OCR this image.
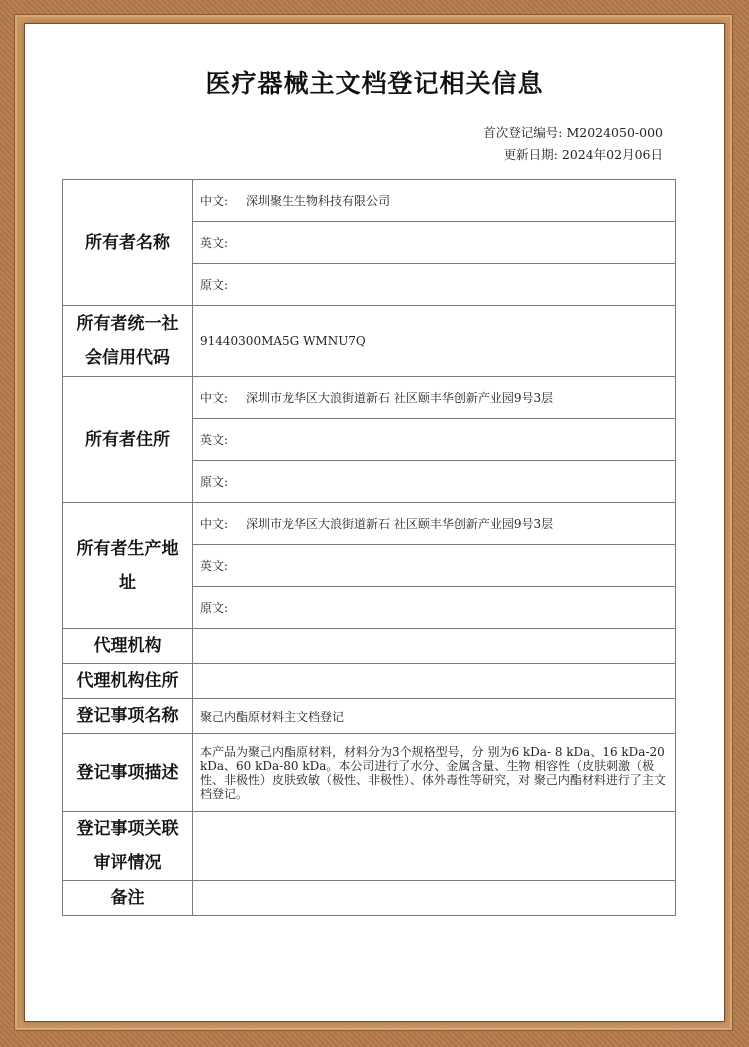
医疗器械主文档登记相关信息
首次登记编号: M2024050-000
更新日期: 2024年02月06日
所有者名称	中文: 深圳聚生生物科技有限公司
	英文:
	原文:

所有者统一社
会信用代码	91440300MA5G WMNU7Q
所有者住所	中文: 深圳市龙华区大浪街道新石 社区颐丰华创新产业园9号3层
	英文:
	原文:

所有者生产地
址	中文: 深圳市龙华区大浪街道新石 社区颐丰华创新产业园9号3层
	英文:
	原文:
代理机构	
代理机构住所	
登记事项名称	聚己内酯原材料主文档登记
登记事项描述	本产品为聚己内酯原材料，材料分为3个规格型号，分 别为6 kDa- 8 kDa、16 kDa-20 kDa、60 kDa-80 kDa。本公司进行了水分、金属含量、生物 相容性（皮肤刺激（极性、非极性）皮肤致敏（极性、非极性）、体外毒性等研究，对 聚己内酯材料进行了主文档登记。

登记事项关联
审评情况	

备注	
